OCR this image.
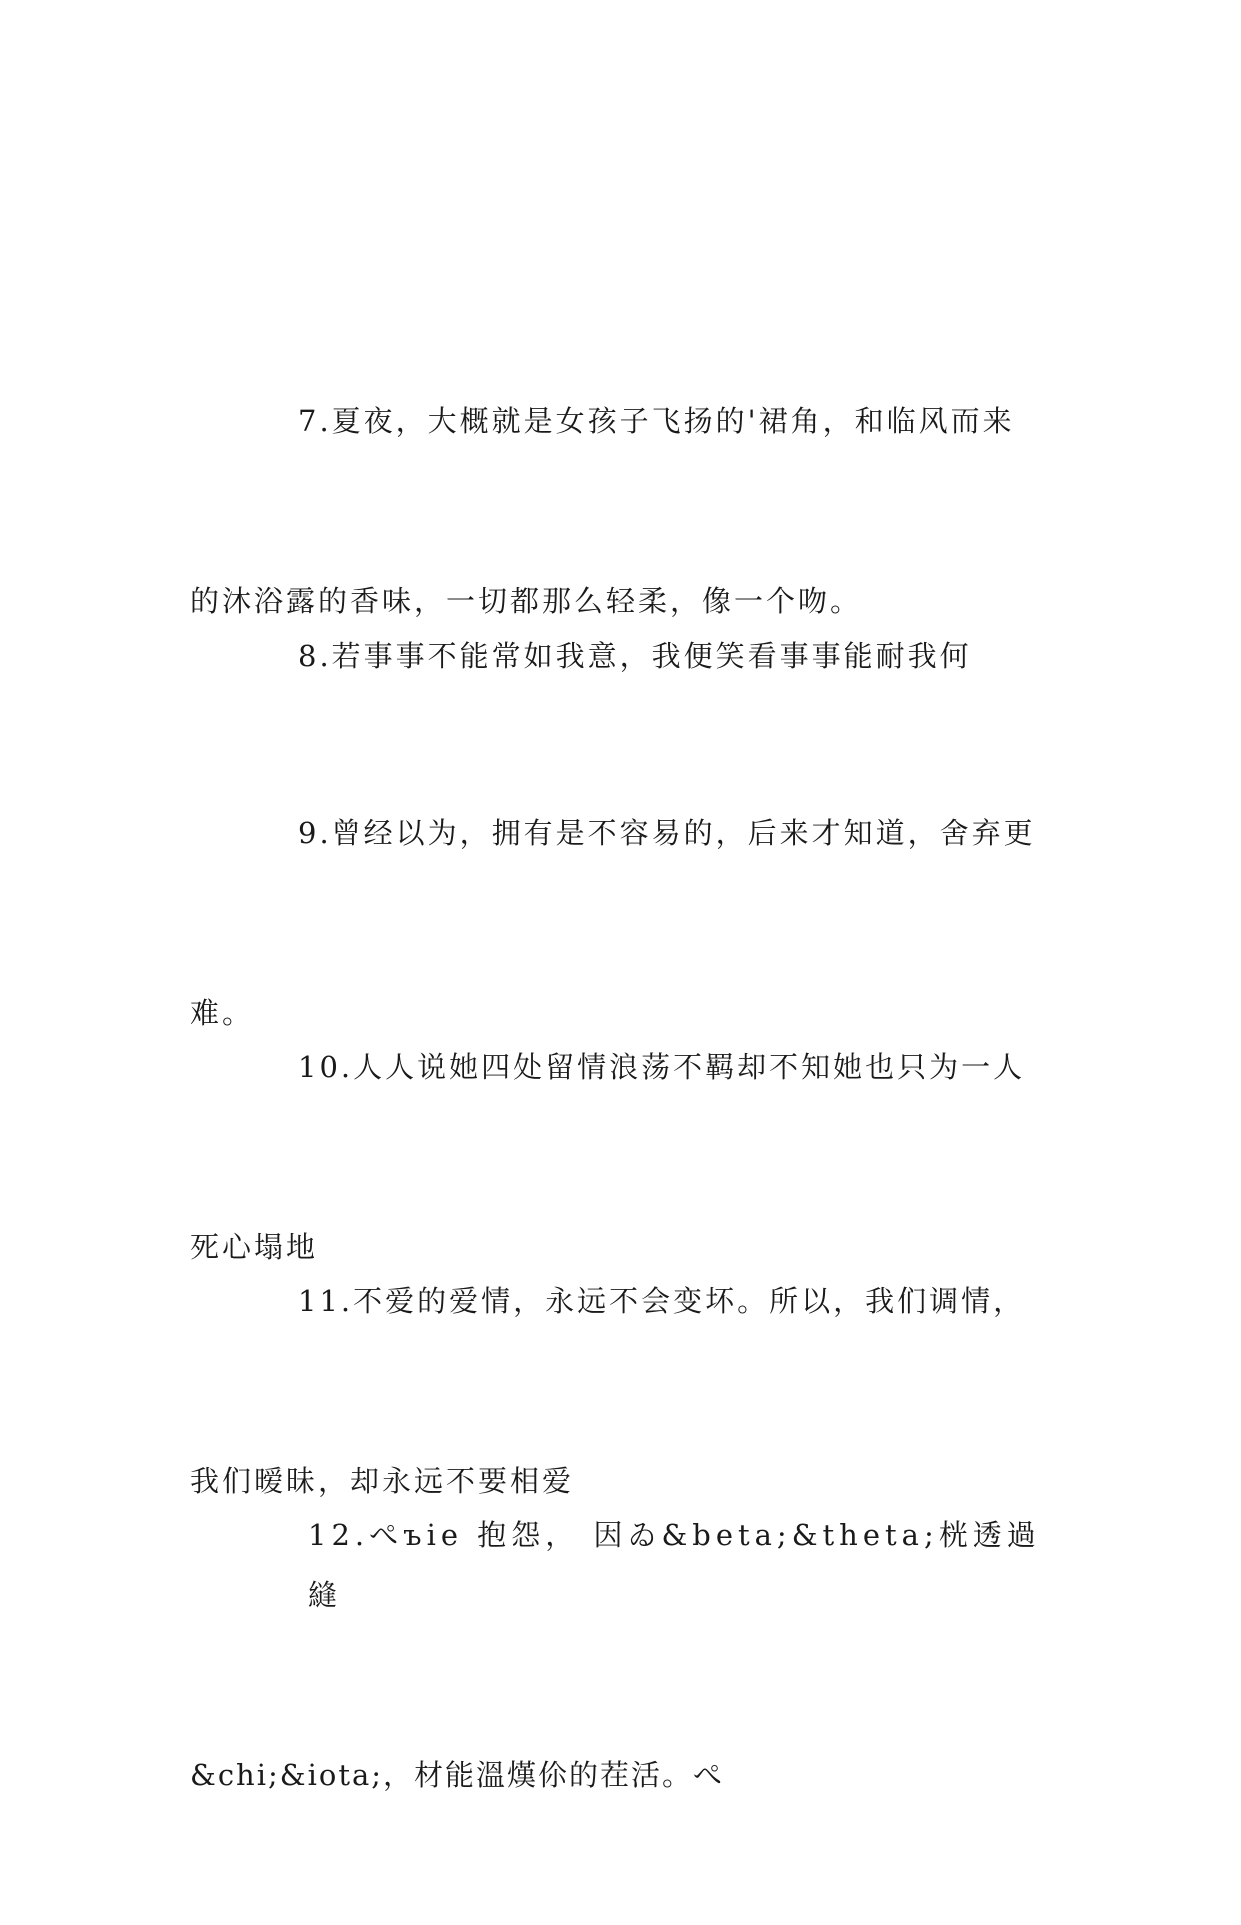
7.夏夜，大概就是女孩子飞扬的'裙角，和临风而来

的沐浴露的香味，一切都那么轻柔，像一个吻。

8.若事事不能常如我意，我便笑看事事能耐我何

9.曾经以为，拥有是不容易的，后来才知道，舍弃更

难。

10.人人说她四处留情浪荡不羁却不知她也只为一人

死心塌地

11.不爱的爱情，永远不会变坏。所以，我们调情，

我们暧昧，却永远不要相爱

12.ぺъie 抱怨， 因ゐ&beta;&theta;桄透過縫

&chi;&iota;，材能溫熯伱的茬活。ぺ
